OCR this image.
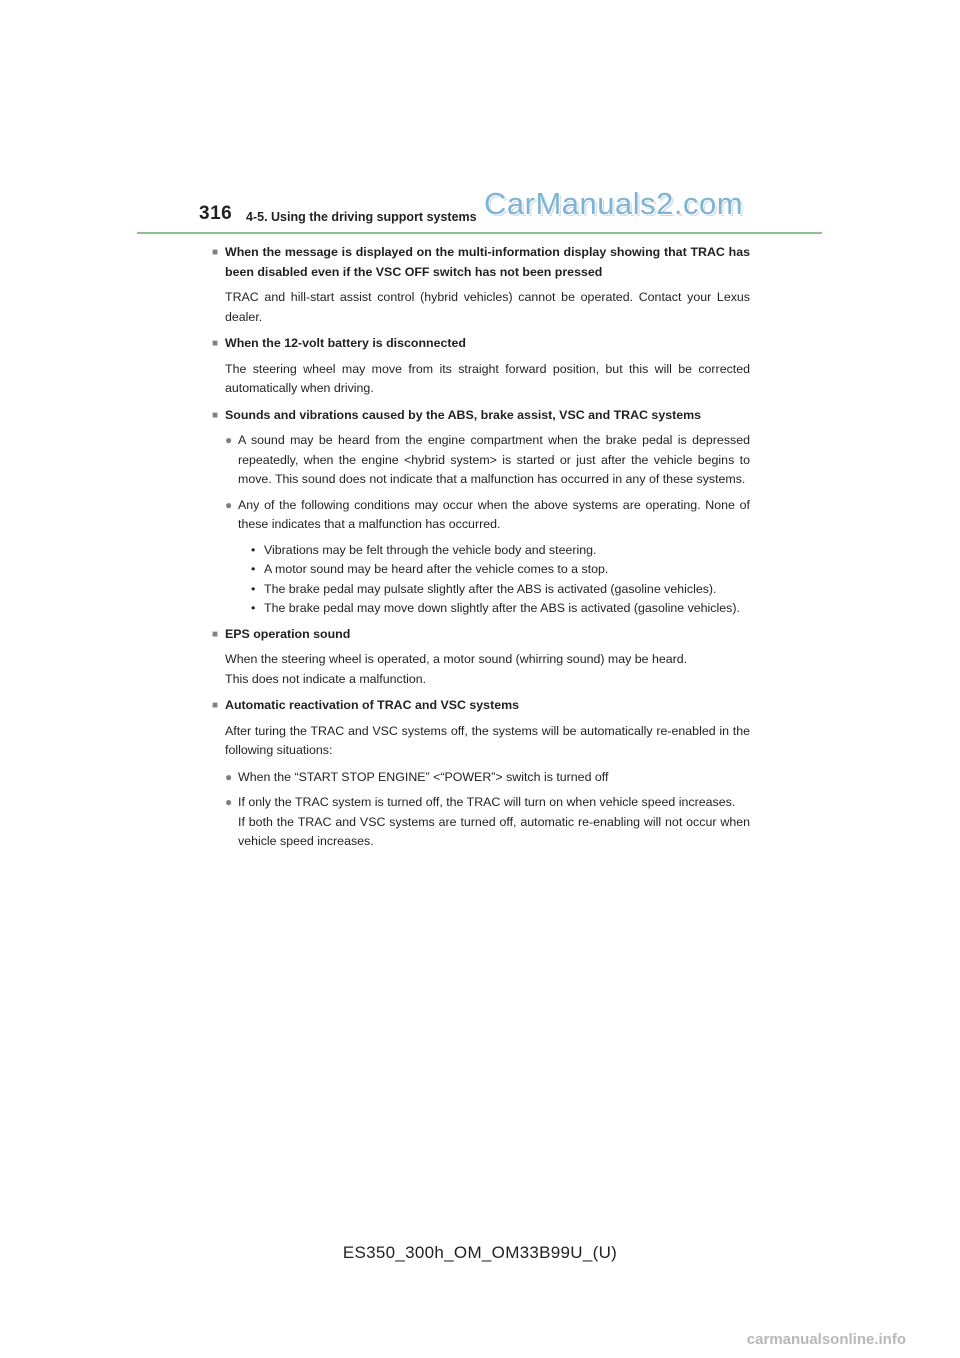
316 4-5. Using the driving support systems CarManuals2.com
■ When the message is displayed on the multi-information display showing that TRAC has been disabled even if the VSC OFF switch has not been pressed
TRAC and hill-start assist control (hybrid vehicles) cannot be operated. Contact your Lexus dealer.
■ When the 12-volt battery is disconnected
The steering wheel may move from its straight forward position, but this will be corrected automatically when driving.
■ Sounds and vibrations caused by the ABS, brake assist, VSC and TRAC systems
● A sound may be heard from the engine compartment when the brake pedal is depressed repeatedly, when the engine <hybrid system> is started or just after the vehicle begins to move. This sound does not indicate that a malfunction has occurred in any of these systems.
● Any of the following conditions may occur when the above systems are operating. None of these indicates that a malfunction has occurred.
• Vibrations may be felt through the vehicle body and steering.
• A motor sound may be heard after the vehicle comes to a stop.
• The brake pedal may pulsate slightly after the ABS is activated (gasoline vehicles).
• The brake pedal may move down slightly after the ABS is activated (gasoline vehicles).
■ EPS operation sound
When the steering wheel is operated, a motor sound (whirring sound) may be heard.
This does not indicate a malfunction.
■ Automatic reactivation of TRAC and VSC systems
After turing the TRAC and VSC systems off, the systems will be automatically re-enabled in the following situations:
● When the “START STOP ENGINE” <“POWER”> switch is turned off
● If only the TRAC system is turned off, the TRAC will turn on when vehicle speed increases.
If both the TRAC and VSC systems are turned off, automatic re-enabling will not occur when vehicle speed increases.
ES350_300h_OM_OM33B99U_(U)
carmanualsonline.info
